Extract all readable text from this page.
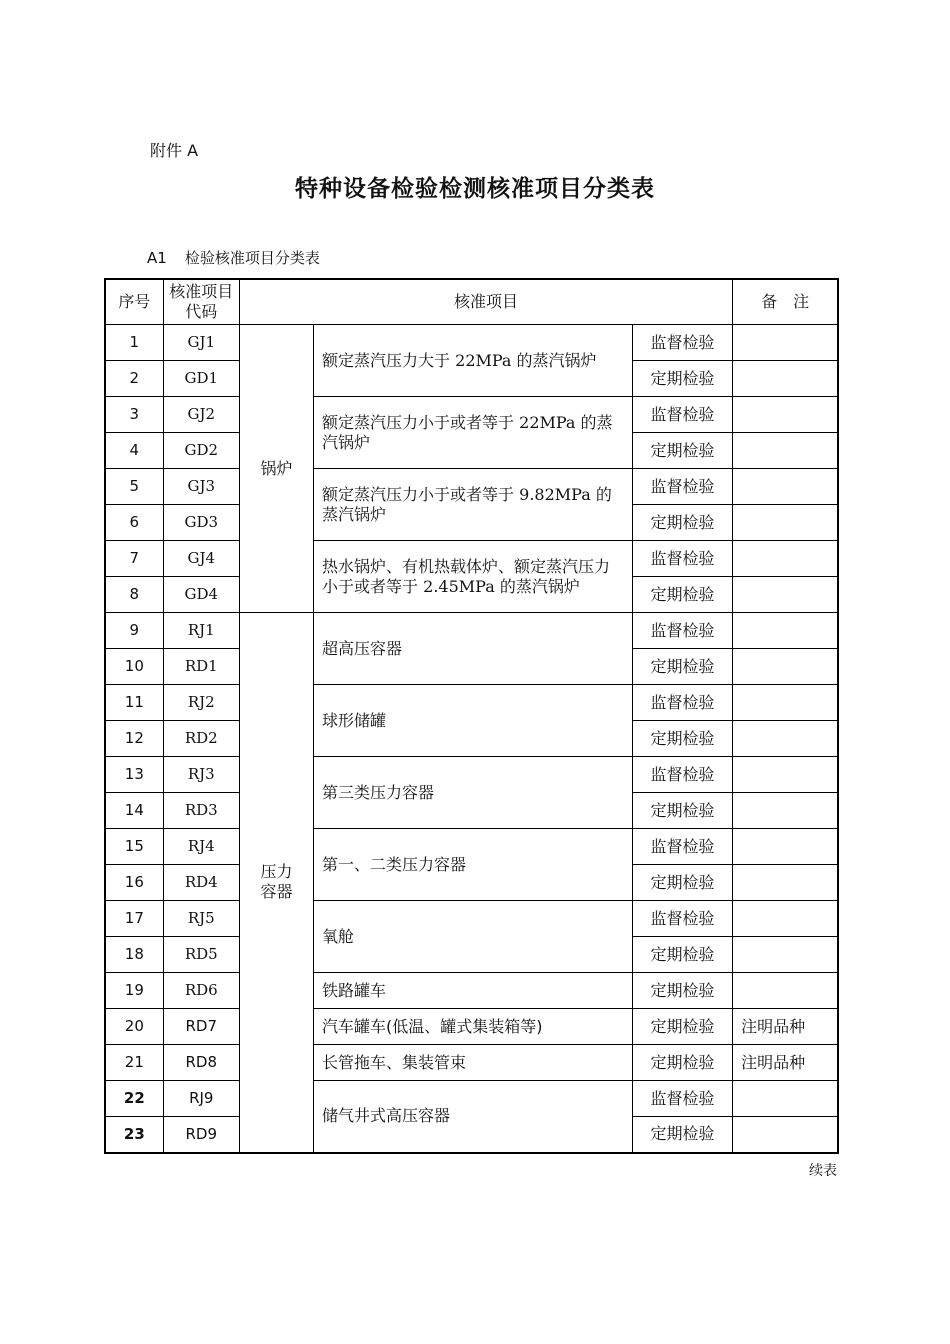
附件 A
特种设备检验检测核准项目分类表
A1 检验核准项目分类表
序号	核准项目代码	核准项目			备　注
1	GJ1	锅炉	额定蒸汽压力大于 22MPa 的蒸汽锅炉	监督检验	
2	GD1			定期检验	
3	GJ2		额定蒸汽压力小于或者等于 22MPa 的蒸汽锅炉	监督检验	
4	GD2			定期检验	
5	GJ3		额定蒸汽压力小于或者等于 9.82MPa 的蒸汽锅炉	监督检验	
6	GD3			定期检验	
7	GJ4		热水锅炉、有机热载体炉、额定蒸汽压力小于或者等于 2.45MPa 的蒸汽锅炉	监督检验	
8	GD4			定期检验	
9	RJ1	压力容器	超高压容器	监督检验	
10	RD1			定期检验	
11	RJ2		球形储罐	监督检验	
12	RD2			定期检验	
13	RJ3		第三类压力容器	监督检验	
14	RD3			定期检验	
15	RJ4		第一、二类压力容器	监督检验	
16	RD4			定期检验	
17	RJ5		氧舱	监督检验	
18	RD5			定期检验	
19	RD6		铁路罐车	定期检验	
20	RD7		汽车罐车(低温、罐式集装箱等)	定期检验	注明品种
21	RD8		长管拖车、集装管束	定期检验	注明品种
22	RJ9		储气井式高压容器	监督检验	
23	RD9			定期检验	
续表
